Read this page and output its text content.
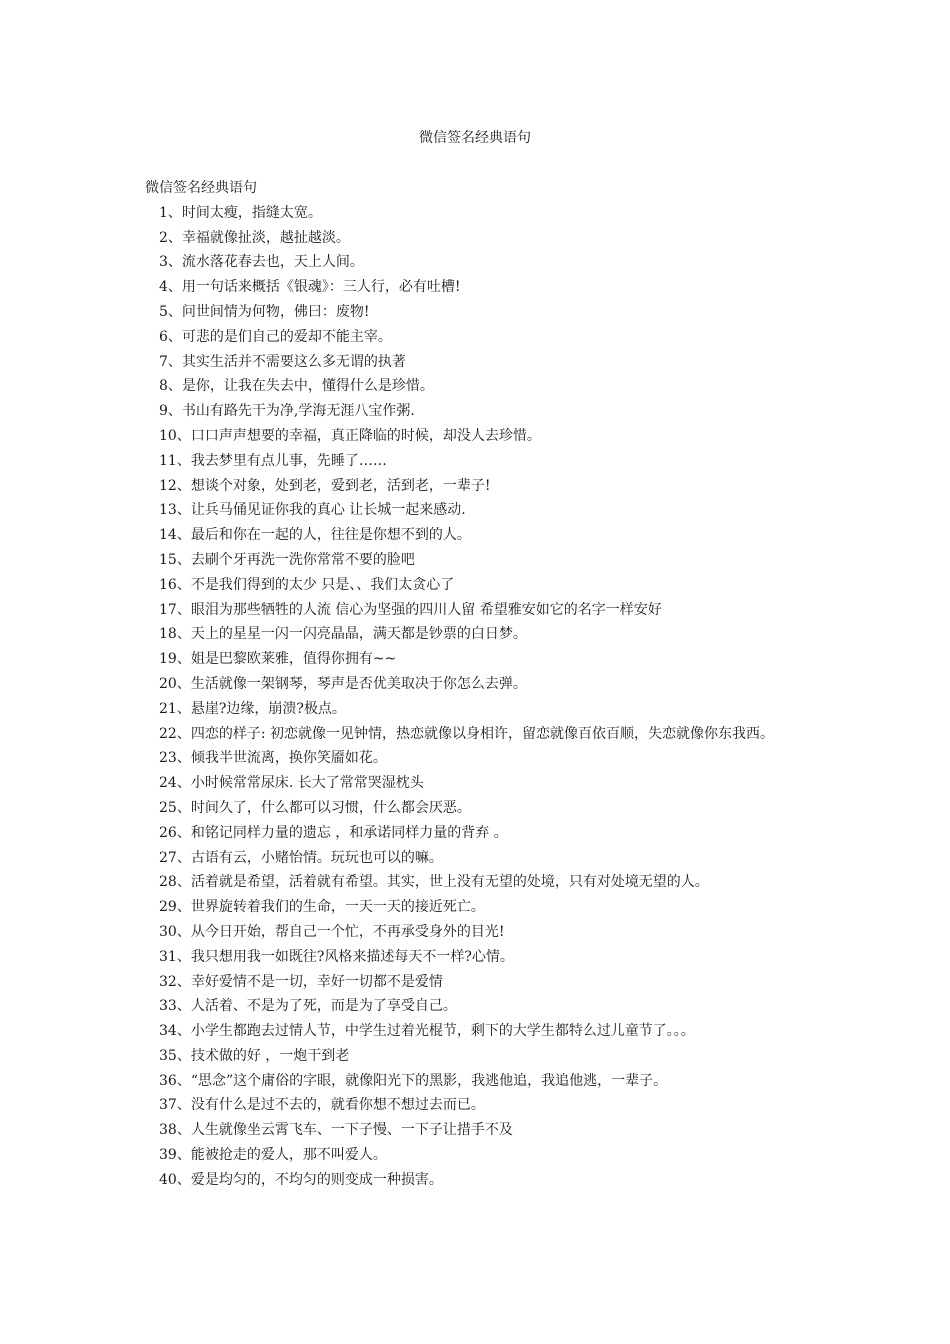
微信签名经典语句

微信签名经典语句

1、时间太瘦，指缝太宽。
2、幸福就像扯淡，越扯越淡。
3、流水落花春去也，天上人间。
4、用一句话来概括《银魂》：三人行，必有吐槽!
5、问世间情为何物，佛曰：废物!
6、可悲的是们自己的爱却不能主宰。
7、其实生活并不需要这么多无谓的执著
8、是你，让我在失去中，懂得什么是珍惜。
9、书山有路先干为净,学海无涯八宝作粥.
10、口口声声想要的幸福，真正降临的时候，却没人去珍惜。
11、我去梦里有点儿事，先睡了……
12、想谈个对象，处到老，爱到老，活到老，一辈子!
13、让兵马俑见证你我的真心 让长城一起来感动.
14、最后和你在一起的人，往往是你想不到的人。
15、去刷个牙再洗一洗你常常不要的脸吧
16、不是我们得到的太少 只是、、我们太贪心了
17、眼泪为那些牺牲的人流 信心为坚强的四川人留 希望雅安如它的名字一样安好
18、天上的星星一闪一闪亮晶晶，满天都是钞票的白日梦。
19、姐是巴黎欧莱雅，值得你拥有~~
20、生活就像一架钢琴，琴声是否优美取决于你怎么去弹。
21、悬崖?边缘，崩溃?极点。
22、四恋的样子: 初恋就像一见钟情，热恋就像以身相许，留恋就像百依百顺，失恋就像你东我西。
23、倾我半世流离，换你笑靥如花。
24、小时候常常尿床. 长大了常常哭湿枕头
25、时间久了，什么都可以习惯，什么都会厌恶。
26、和铭记同样力量的遗忘 ，和承诺同样力量的背弃 。
27、古语有云，小赌怡情。玩玩也可以的嘛。
28、活着就是希望，活着就有希望。其实，世上没有无望的处境，只有对处境无望的人。
29、世界旋转着我们的生命，一天一天的接近死亡。
30、从今日开始，帮自己一个忙，不再承受身外的目光!
31、我只想用我一如既往?风格来描述每天不一样?心情。
32、幸好爱情不是一切，幸好一切都不是爱情
33、人活着、不是为了死，而是为了享受自己。
34、小学生都跑去过情人节，中学生过着光棍节，剩下的大学生都特么过儿童节了。。。
35、技术做的好 ，一炮干到老
36、“思念”这个庸俗的字眼，就像阳光下的黑影，我逃他追，我追他逃，一辈子。
37、没有什么是过不去的，就看你想不想过去而已。
38、人生就像坐云霄飞车、一下子慢、一下子让措手不及
39、能被抢走的爱人，那不叫爱人。
40、爱是均匀的，不均匀的则变成一种损害。
